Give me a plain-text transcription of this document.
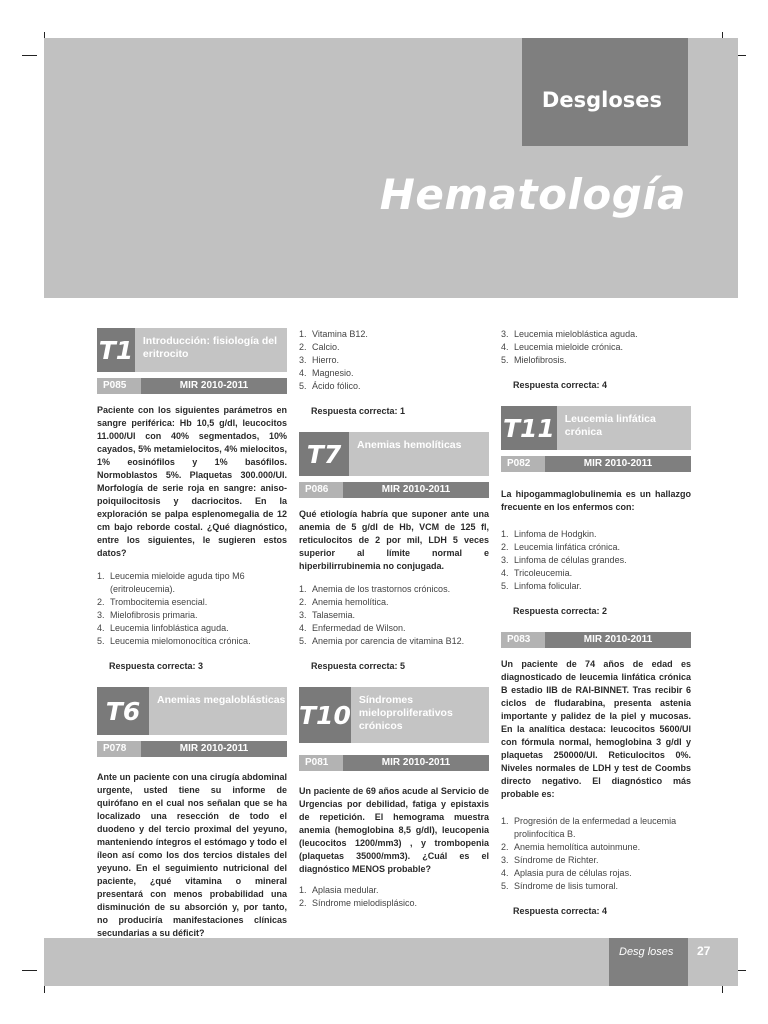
Desgloses
Hematología
T1 Introducción: fisiología del eritrocito
P085	MIR 2010-2011
Paciente con los siguientes parámetros en sangre periférica: Hb 10,5 g/dl, leucocitos 11.000/Ul con 40% segmentados, 10% cayados, 5% metamielocitos, 4% mielocitos, 1% eosinófilos y 1% basófilos. Normoblastos 5%. Plaquetas 300.000/Ul. Morfología de serie roja en sangre: aniso-poiquilocitosis y dacriocitos. En la exploración se palpa esplenomegalia de 12 cm bajo reborde costal. ¿Qué diagnóstico, entre los siguientes, le sugieren estos datos?
1. Leucemia mieloide aguda tipo M6 (eritroleucemia).
2. Trombocitemia esencial.
3. Mielofibrosis primaria.
4. Leucemia linfoblástica aguda.
5. Leucemia mielomonocítica crónica.
Respuesta correcta: 3
T6	Anemias megaloblásticas
P078	MIR 2010-2011
Ante un paciente con una cirugía abdominal urgente, usted tiene su informe de quirófano en el cual nos señalan que se ha localizado una resección de todo el duodeno y del tercio proximal del yeyuno, manteniendo íntegros el estómago y todo el íleon así como los dos tercios distales del yeyuno. En el seguimiento nutricional del paciente, ¿qué vitamina o mineral presentará con menos probabilidad una disminución de su absorción y, por tanto, no produciría manifestaciones clínicas secundarias a su déficit?
1. Vitamina B12.
2. Calcio.
3. Hierro.
4. Magnesio.
5. Ácido fólico.
Respuesta correcta: 1
T7	Anemias hemolíticas
P086	MIR 2010-2011
Qué etiología habría que suponer ante una anemia de 5 g/dl de Hb, VCM de 125 fl, reticulocitos de 2 por mil, LDH 5 veces superior al límite normal e hiperbilirrubinemia no conjugada.
1. Anemia de los trastornos crónicos.
2. Anemia hemolítica.
3. Talasemia.
4. Enfermedad de Wilson.
5. Anemia por carencia de vitamina B12.
Respuesta correcta: 5
T10
Síndromes mieloproliferativos crónicos
P081	MIR 2010-2011
Un paciente de 69 años acude al Servicio de Urgencias por debilidad, fatiga y epistaxis de repetición. El hemograma muestra anemia (hemoglobina 8,5 g/dl), leucopenia (leucocitos 1200/mm3) , y trombopenia (plaquetas 35000/mm3). ¿Cuál es el diagnóstico MENOS probable?
1. Aplasia medular.
2. Síndrome mielodisplásico.
3. Leucemia mieloblástica aguda.
4. Leucemia mieloide crónica.
5. Mielofibrosis.
Respuesta correcta: 4
T11 Leucemia linfática crónica
P082	MIR 2010-2011
La hipogammaglobulinemia es un hallazgo frecuente en los enfermos con:
1. Linfoma de Hodgkin.
2. Leucemia linfática crónica.
3. Linfoma de células grandes.
4. Tricoleucemia.
5. Linfoma folicular.
Respuesta correcta: 2
P083	MIR 2010-2011
Un paciente de 74 años de edad es diagnosticado de leucemia linfática crónica B estadio IIB de RAI-BINNET. Tras recibir 6 ciclos de fludarabina, presenta astenia importante y palidez de la piel y mucosas. En la analítica destaca: leucocitos 5600/Ul con fórmula normal, hemoglobina 3 g/dl y plaquetas 250000/Ul. Reticulocitos 0%. Niveles normales de LDH y test de Coombs directo negativo. El diagnóstico más probable es:
1. Progresión de la enfermedad a leucemia prolinfocítica B.
2. Anemia hemolítica autoinmune.
3. Síndrome de Richter.
4. Aplasia pura de células rojas.
5. Síndrome de lisis tumoral.
Respuesta correcta: 4
Desg loses 27
